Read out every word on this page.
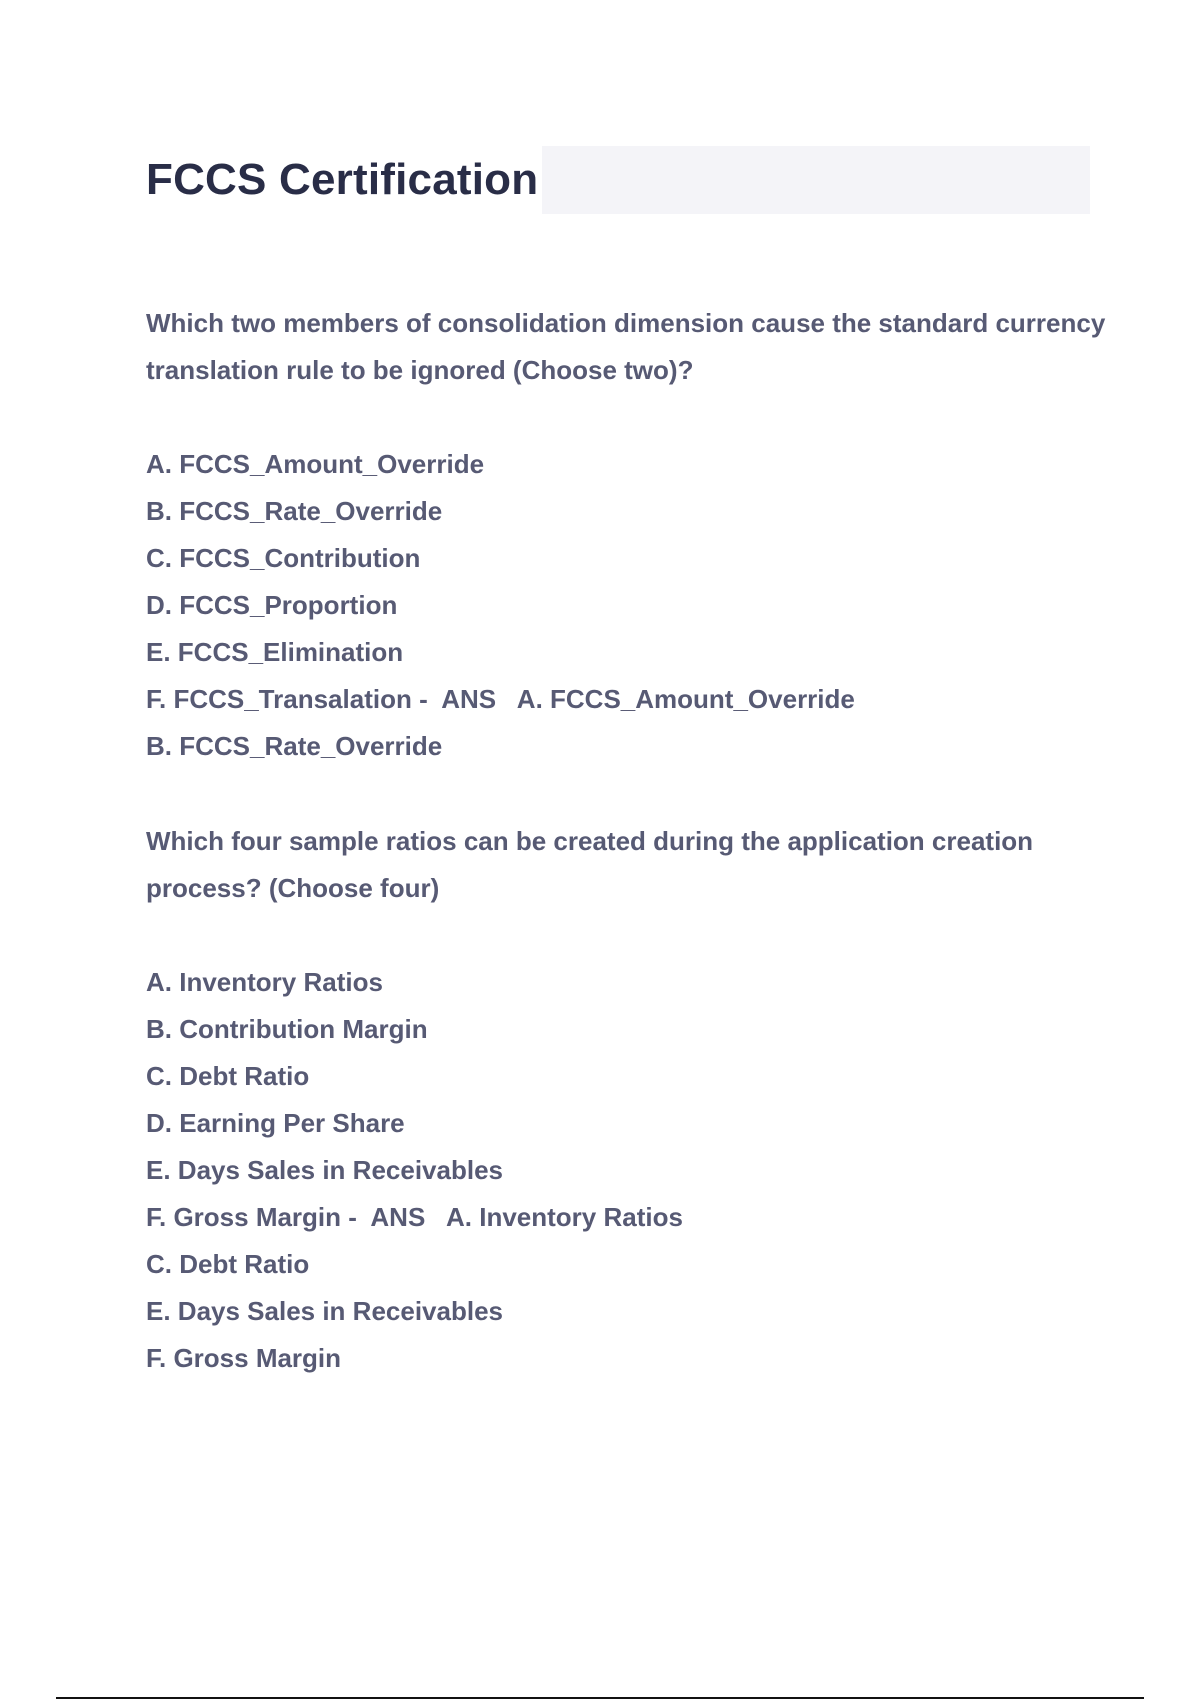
FCCS Certification

Which two members of consolidation dimension cause the standard currency translation rule to be ignored (Choose two)?

A. FCCS_Amount_Override
B. FCCS_Rate_Override
C. FCCS_Contribution
D. FCCS_Proportion
E. FCCS_Elimination
F. FCCS_Transalation -  ANS   A. FCCS_Amount_Override
B. FCCS_Rate_Override

Which four sample ratios can be created during the application creation process? (Choose four)

A. Inventory Ratios
B. Contribution Margin
C. Debt Ratio
D. Earning Per Share
E. Days Sales in Receivables
F. Gross Margin -  ANS   A. Inventory Ratios
C. Debt Ratio
E. Days Sales in Receivables
F. Gross Margin
